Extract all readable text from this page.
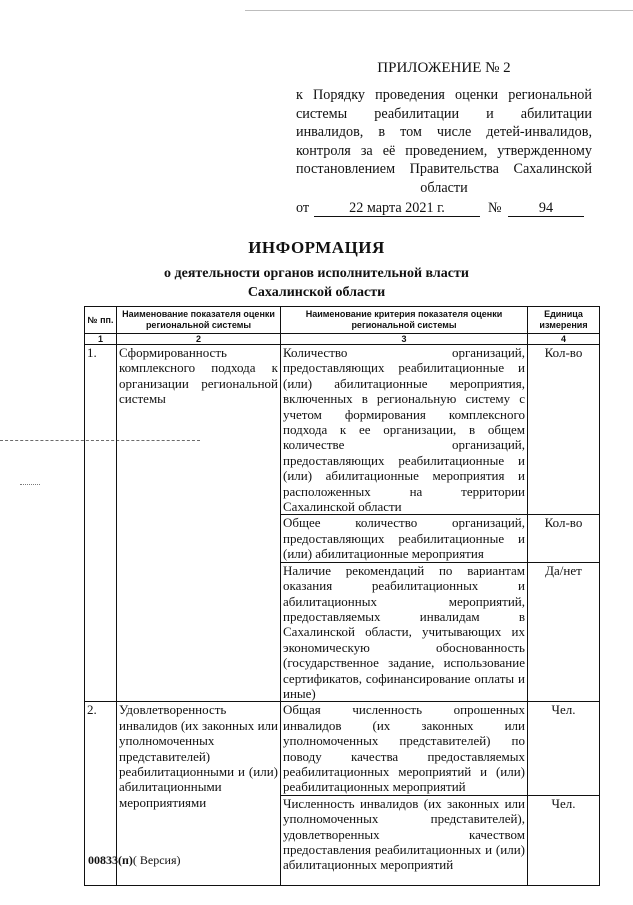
ПРИЛОЖЕНИЕ № 2
к Порядку проведения оценки региональной системы реабилитации и абилитации инвалидов, в том числе детей-инвалидов, контроля за её проведением, утвержденному постановлением Правительства Сахалинской области
от	22 марта 2021 г.	№	94
ИНФОРМАЦИЯ
о деятельности органов исполнительной власти
Сахалинской области
№ пп.	Наименование показателя оценки региональной системы	Наименование критерия показателя оценки региональной системы	Единица измерения
1	2	3	4
1.	Сформированность комплексного подхода к организации региональной системы	Количество организаций, предоставляющих реабилитационные и (или) абилитационные мероприятия, включенных в региональную систему с учетом формирования комплексного подхода к ее организации, в общем количестве организаций, предоставляющих реабилитационные и (или) абилитационные мероприятия и расположенных на территории Сахалинской области	Кол-во
		Общее количество организаций, предоставляющих реабилитационные и (или) абилитационные мероприятия	Кол-во
		Наличие рекомендаций по вариантам оказания реабилитационных и абилитационных мероприятий, предоставляемых инвалидам в Сахалинской области, учитывающих их экономическую обоснованность (государственное задание, использование сертификатов, софинансирование оплаты и иные)	Да/нет
2.	Удовлетворенность инвалидов (их законных или уполномоченных представителей) реабилитационными и (или) абилитационными мероприятиями	Общая численность опрошенных инвалидов (их законных или уполномоченных представителей) по поводу качества предоставляемых реабилитационных мероприятий и (или) реабилитационных мероприятий	Чел.
		Численность инвалидов (их законных или уполномоченных представителей), удовлетворенных качеством предоставления реабилитационных и (или) абилитационных мероприятий	Чел.
00833(п)( Версия)
